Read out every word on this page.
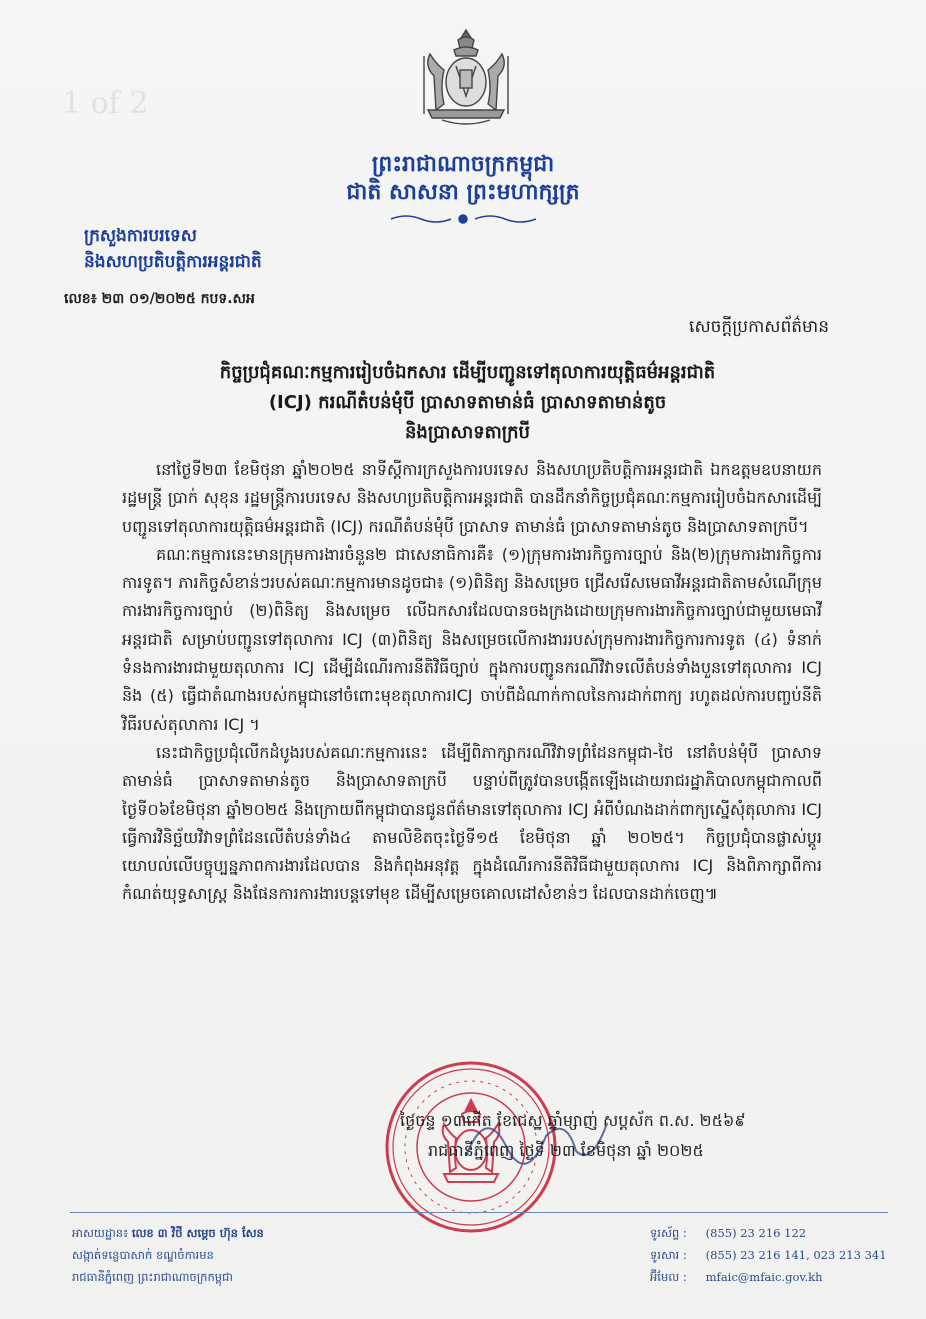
1 of 2
ព្រះរាជាណាចក្រកម្ពុជា
ជាតិ សាសនា ព្រះមហាក្សត្រ
ក្រសួងការបរទេស
និងសហប្រតិបត្តិការអន្តរជាតិ
លេខ៖ ២៣ ០១/២០២៥ កបទ.សអ
សេចក្ដីប្រកាសព័ត៌មាន
កិច្ចប្រជុំគណៈកម្មការរៀបចំឯកសារ ដើម្បីបញ្ជូនទៅតុលាការយុត្តិធម៌អន្តរជាតិ
(ICJ) ករណីតំបន់មុំបី ប្រាសាទតាមាន់ធំ ប្រាសាទតាមាន់តូច
និងប្រាសាទតាក្របី
នៅថ្ងៃទី២៣ ខែមិថុនា ឆ្នាំ២០២៥ នាទីស្ដីការក្រសួងការបរទេស និងសហប្រតិបត្តិការអន្តរជាតិ ឯកឧត្ដមឧបនាយករដ្ឋមន្ត្រី ប្រាក់ សុខុន រដ្ឋមន្ត្រីការបរទេស និងសហប្រតិបត្តិការអន្តរជាតិ បានដឹកនាំកិច្ចប្រជុំគណៈកម្មការរៀបចំឯកសារដើម្បីបញ្ជូនទៅតុលាការយុត្តិធម៌អន្តរជាតិ (ICJ) ករណីតំបន់មុំបី ប្រាសាទ តាមាន់ធំ ប្រាសាទតាមាន់តូច និងប្រាសាទតាក្របី។
គណៈកម្មការនេះមានក្រុមការងារចំនួន២ ជាសេនាធិការគឺ៖ (១)ក្រុមការងារកិច្ចការច្បាប់ និង(២)ក្រុមការងារកិច្ចការការទូត។ ភារកិច្ចសំខាន់ៗរបស់គណៈកម្មការមានដូចជា៖ (១)ពិនិត្យ និងសម្រេច ជ្រើសរើសមេធាវីអន្តរជាតិតាមសំណើក្រុមការងារកិច្ចការច្បាប់ (២)ពិនិត្យ និងសម្រេច លើឯកសារដែលបានចងក្រងដោយក្រុមការងារកិច្ចការច្បាប់ជាមួយមេធាវីអន្តរជាតិ សម្រាប់បញ្ជូនទៅតុលាការ ICJ (៣)ពិនិត្យ និងសម្រេចលើការងាររបស់ក្រុមការងារកិច្ចការការទូត (៤) ទំនាក់ទំនងការងារជាមួយតុលាការ ICJ ដើម្បីដំណើរការនីតិវិធីច្បាប់ ក្នុងការបញ្ជូនករណីវិវាទលើតំបន់ទាំងបួនទៅតុលាការ ICJ និង (៥) ធ្វើជាតំណាងរបស់កម្ពុជានៅចំពោះមុខតុលាការICJ ចាប់ពីដំណាក់កាលនៃការដាក់ពាក្យ រហូតដល់ការបញ្ចប់នីតិវិធីរបស់តុលាការ ICJ ។
នេះជាកិច្ចប្រជុំលើកដំបូងរបស់គណៈកម្មការនេះ ដើម្បីពិភាក្សាករណីវិវាទព្រំដែនកម្ពុជា-ថៃ នៅតំបន់មុំបី ប្រាសាទតាមាន់ធំ ប្រាសាទតាមាន់តូច និងប្រាសាទតាក្របី បន្ទាប់ពីត្រូវបានបង្កើតឡើងដោយរាជរដ្ឋាភិបាលកម្ពុជាកាលពីថ្ងៃទី០៦ខែមិថុនា ឆ្នាំ២០២៥ និងក្រោយពីកម្ពុជាបានជូនព័ត៌មានទៅតុលាការ ICJ អំពីបំណងដាក់ពាក្យស្នើសុំតុលាការ ICJ ធ្វើការវិនិច្ឆ័យវិវាទព្រំដែនលើតំបន់ទាំង៤ តាមលិខិតចុះថ្ងៃទី១៥ ខែមិថុនា ឆ្នាំ ២០២៥។ កិច្ចប្រជុំបានផ្លាស់ប្ដូរយោបល់លើបច្ចុប្បន្នភាពការងារដែលបាន និងកំពុងអនុវត្ត ក្នុងដំណើរការនីតិវិធីជាមួយតុលាការ ICJ និងពិភាក្សាពីការកំណត់យុទ្ធសាស្ត្រ និងផែនការការងារបន្តទៅមុខ ដើម្បីសម្រេចគោលដៅសំខាន់ៗ ដែលបានដាក់ចេញ៕
ថ្ងៃចន្ទ ១៣កើត ខែជេស្ឋ ឆ្នាំម្សាញ់ សប្តស័ក ព.ស. ២៥៦៩
រាជធានីភ្នំពេញ ថ្ងៃទី ២៣ ខែមិថុនា ឆ្នាំ ២០២៥
អាសយដ្ឋាន៖ លេខ ៣ វិថី សម្តេច ហ៊ុន សែន
សង្កាត់ទន្លេបាសាក់ ខណ្ឌចំការមន
រាជធានីភ្នំពេញ ព្រះរាជាណាចក្រកម្ពុជា
ទូរស័ព្ទ : (855) 23 216 122
ទូរសារ : (855) 23 216 141, 023 213 341
អ៊ីមែល : mfaic@mfaic.gov.kh
